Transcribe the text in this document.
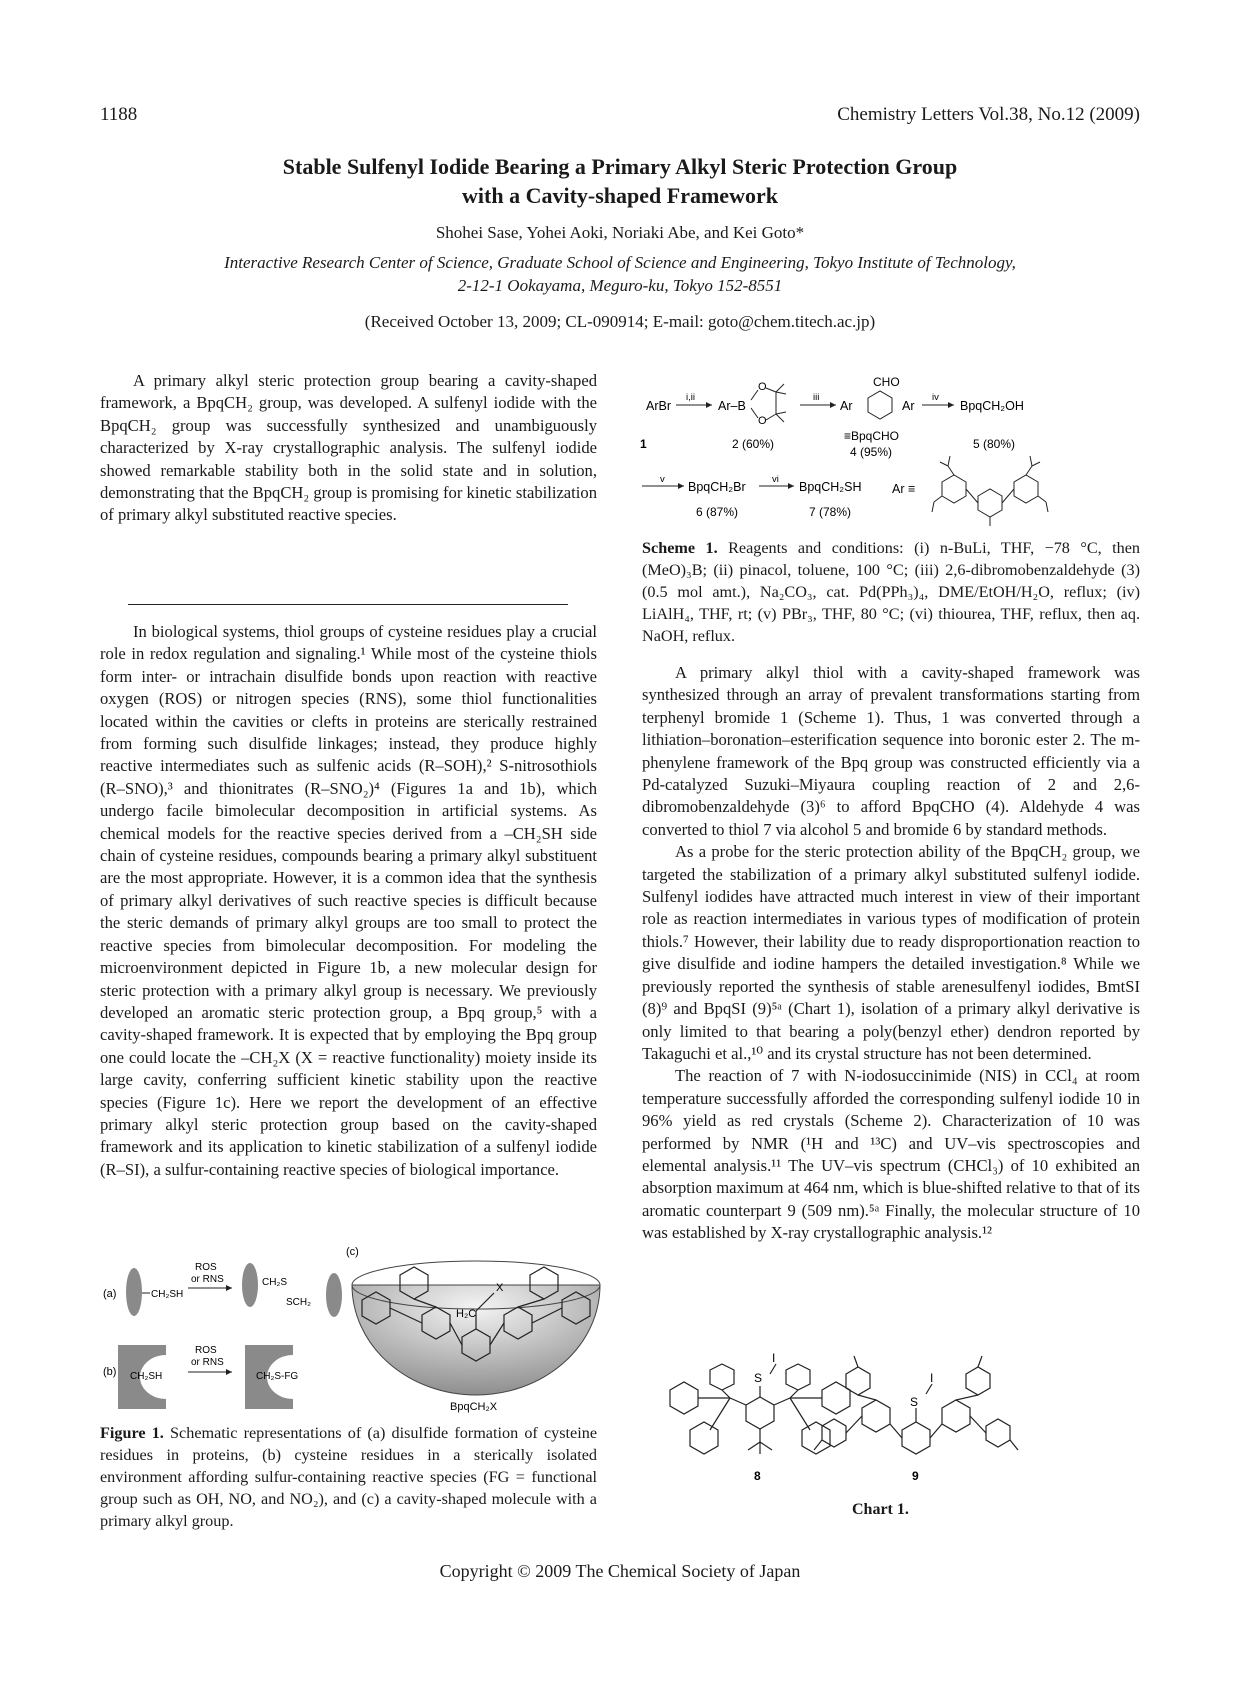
1188	Chemistry Letters Vol.38, No.12 (2009)
Stable Sulfenyl Iodide Bearing a Primary Alkyl Steric Protection Group
with a Cavity-shaped Framework
Shohei Sase, Yohei Aoki, Noriaki Abe, and Kei Goto*
Interactive Research Center of Science, Graduate School of Science and Engineering, Tokyo Institute of Technology,
2-12-1 Ookayama, Meguro-ku, Tokyo 152-8551
(Received October 13, 2009; CL-090914; E-mail: goto@chem.titech.ac.jp)

A primary alkyl steric protection group bearing a cavity-shaped framework, a BpqCH₂ group, was developed. A sulfenyl iodide with the BpqCH₂ group was successfully synthesized and unambiguously characterized by X-ray crystallographic analysis. The sulfenyl iodide showed remarkable stability both in the solid state and in solution, demonstrating that the BpqCH₂ group is promising for kinetic stabilization of primary alkyl substituted reactive species.

In biological systems, thiol groups of cysteine residues play a crucial role in redox regulation and signaling.¹ While most of the cysteine thiols form inter- or intrachain disulfide bonds upon reaction with reactive oxygen (ROS) or nitrogen species (RNS), some thiol functionalities located within the cavities or clefts in proteins are sterically restrained from forming such disulfide linkages; instead, they produce highly reactive intermediates such as sulfenic acids (R–SOH),² S-nitrosothiols (R–SNO),³ and thionitrates (R–SNO₂)⁴ (Figures 1a and 1b), which undergo facile bimolecular decomposition in artificial systems. As chemical models for the reactive species derived from a –CH₂SH side chain of cysteine residues, compounds bearing a primary alkyl substituent are the most appropriate. However, it is a common idea that the synthesis of primary alkyl derivatives of such reactive species is difficult because the steric demands of primary alkyl groups are too small to protect the reactive species from bimolecular decomposition. For modeling the microenvironment depicted in Figure 1b, a new molecular design for steric protection with a primary alkyl group is necessary. We previously developed an aromatic steric protection group, a Bpq group,⁵ with a cavity-shaped framework. It is expected that by employing the Bpq group one could locate the –CH₂X (X = reactive functionality) moiety inside its large cavity, conferring sufficient kinetic stability upon the reactive species (Figure 1c). Here we report the development of an effective primary alkyl steric protection group based on the cavity-shaped framework and its application to kinetic stabilization of a sulfenyl iodide (R–SI), a sulfur-containing reactive species of biological importance.

(a)	CH₂SH
ROS
or RNS	CH₂S
SCH₂
(b) CH₂SH
ROS
or RNS
CH₂S-FG
(c)
H₂C
X
BpqCH₂X
Figure 1. Schematic representations of (a) disulfide formation of cysteine residues in proteins, (b) cysteine residues in a sterically isolated environment affording sulfur-containing reactive species (FG = functional group such as OH, NO, and NO₂), and (c) a cavity-shaped molecule with a primary alkyl group.
ArBr
i,ii
Ar–B
O
O
iii
CHO
Ar	Ar
iv
BpqCH₂OH
1	2 (60%)
≡BpqCHO
4 (95%)
5 (80%)
v
BpqCH₂Br
vi
BpqCH₂SH
6 (87%)	7 (78%)
Ar ≡
Scheme 1. Reagents and conditions: (i) n-BuLi, THF, −78 °C, then (MeO)₃B; (ii) pinacol, toluene, 100 °C; (iii) 2,6-dibromobenzaldehyde (3) (0.5 mol amt.), Na₂CO₃, cat. Pd(PPh₃)₄, DME/EtOH/H₂O, reflux; (iv) LiAlH₄, THF, rt; (v) PBr₃, THF, 80 °C; (vi) thiourea, THF, reflux, then aq. NaOH, reflux.

A primary alkyl thiol with a cavity-shaped framework was synthesized through an array of prevalent transformations starting from terphenyl bromide 1 (Scheme 1). Thus, 1 was converted through a lithiation–boronation–esterification sequence into boronic ester 2. The m-phenylene framework of the Bpq group was constructed efficiently via a Pd-catalyzed Suzuki–Miyaura coupling reaction of 2 and 2,6-dibromobenzaldehyde (3)⁶ to afford BpqCHO (4). Aldehyde 4 was converted to thiol 7 via alcohol 5 and bromide 6 by standard methods.

As a probe for the steric protection ability of the BpqCH₂ group, we targeted the stabilization of a primary alkyl substituted sulfenyl iodide. Sulfenyl iodides have attracted much interest in view of their important role as reaction intermediates in various types of modification of protein thiols.⁷ However, their lability due to ready disproportionation reaction to give disulfide and iodine hampers the detailed investigation.⁸ While we previously reported the synthesis of stable arenesulfenyl iodides, BmtSI (8)⁹ and BpqSI (9)⁵ᵃ (Chart 1), isolation of a primary alkyl derivative is only limited to that bearing a poly(benzyl ether) dendron reported by Takaguchi et al.,¹⁰ and its crystal structure has not been determined.

The reaction of 7 with N-iodosuccinimide (NIS) in CCl₄ at room temperature successfully afforded the corresponding sulfenyl iodide 10 in 96% yield as red crystals (Scheme 2). Characterization of 10 was performed by NMR (¹H and ¹³C) and UV–vis spectroscopies and elemental analysis.¹¹ The UV–vis spectrum (CHCl₃) of 10 exhibited an absorption maximum at 464 nm, which is blue-shifted relative to that of its aromatic counterpart 9 (509 nm).⁵ᵃ Finally, the molecular structure of 10 was established by X-ray crystallographic analysis.¹²

S
I
8
S
I
9
Chart 1.
Copyright © 2009 The Chemical Society of Japan
